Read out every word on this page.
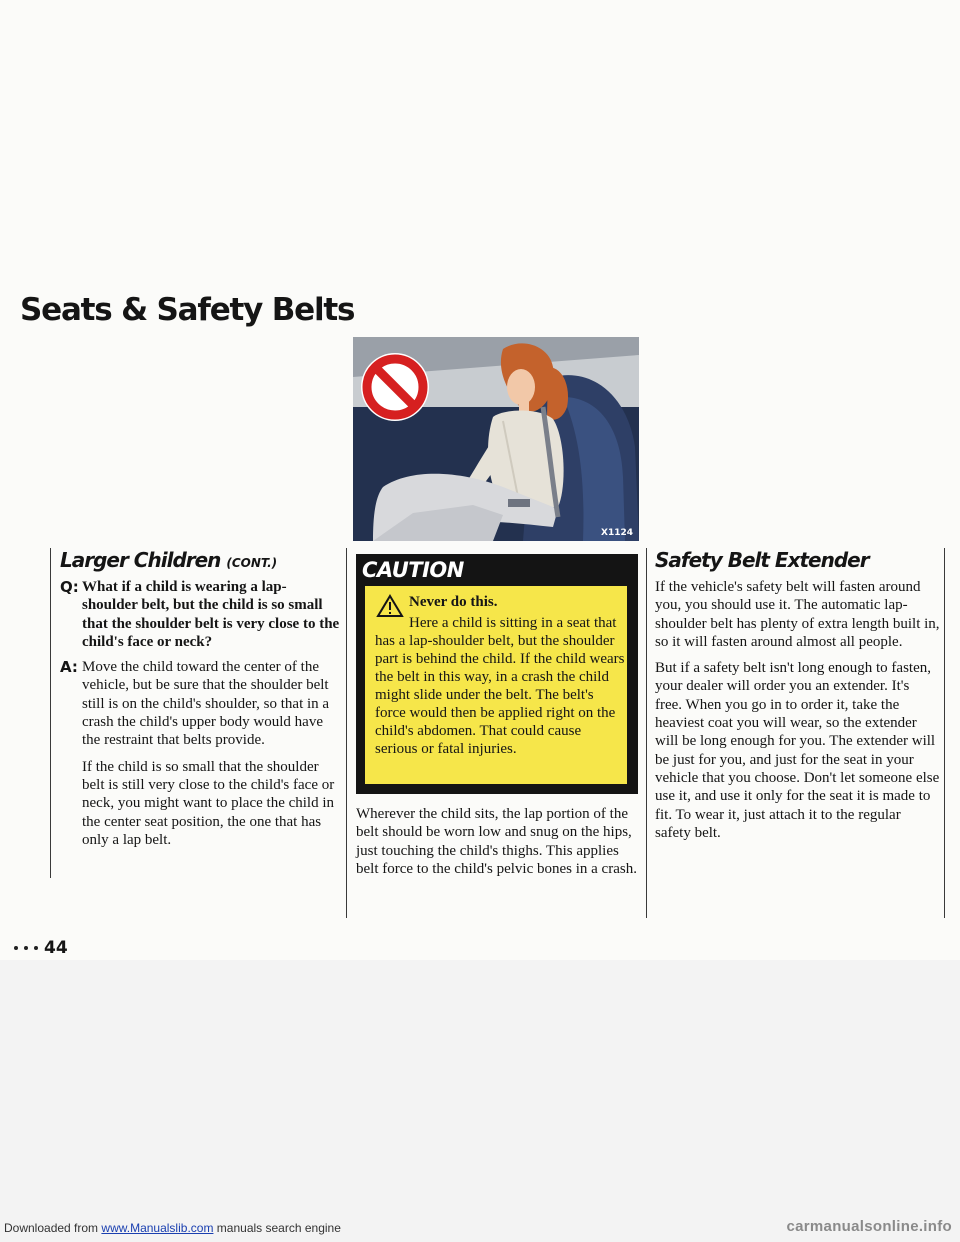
Seats & Safety Belts
X1124
Larger Children (CONT.)
Q: What if a child is wearing a lap-shoulder belt, but the child is so small that the shoulder belt is very close to the child's face or neck?
A: Move the child toward the center of the vehicle, but be sure that the shoulder belt still is on the child's shoulder, so that in a crash the child's upper body would have the restraint that belts provide.
If the child is so small that the shoulder belt is still very close to the child's face or neck, you might want to place the child in the center seat position, the one that has only a lap belt.
CAUTION
Never do this.

Here a child is sitting in a seat that has a lap-shoulder belt, but the shoulder part is behind the child. If the child wears the belt in this way, in a crash the child might slide under the belt. The belt's force would then be applied right on the child's abdomen. That could cause serious or fatal injuries.

Wherever the child sits, the lap portion of the belt should be worn low and snug on the hips, just touching the child's thighs. This applies belt force to the child's pelvic bones in a crash.

Safety Belt Extender

If the vehicle's safety belt will fasten around you, you should use it. The automatic lap-shoulder belt has plenty of extra length built in, so it will fasten around almost all people.

But if a safety belt isn't long enough to fasten, your dealer will order you an extender. It's free. When you go in to order it, take the heaviest coat you will wear, so the extender will be long enough for you. The extender will be just for you, and just for the seat in your vehicle that you choose. Don't let someone else use it, and use it only for the seat it is made to fit. To wear it, just attach it to the regular safety belt.

44
Downloaded from www.Manualslib.com manuals search engine	carmanualsonline.info
